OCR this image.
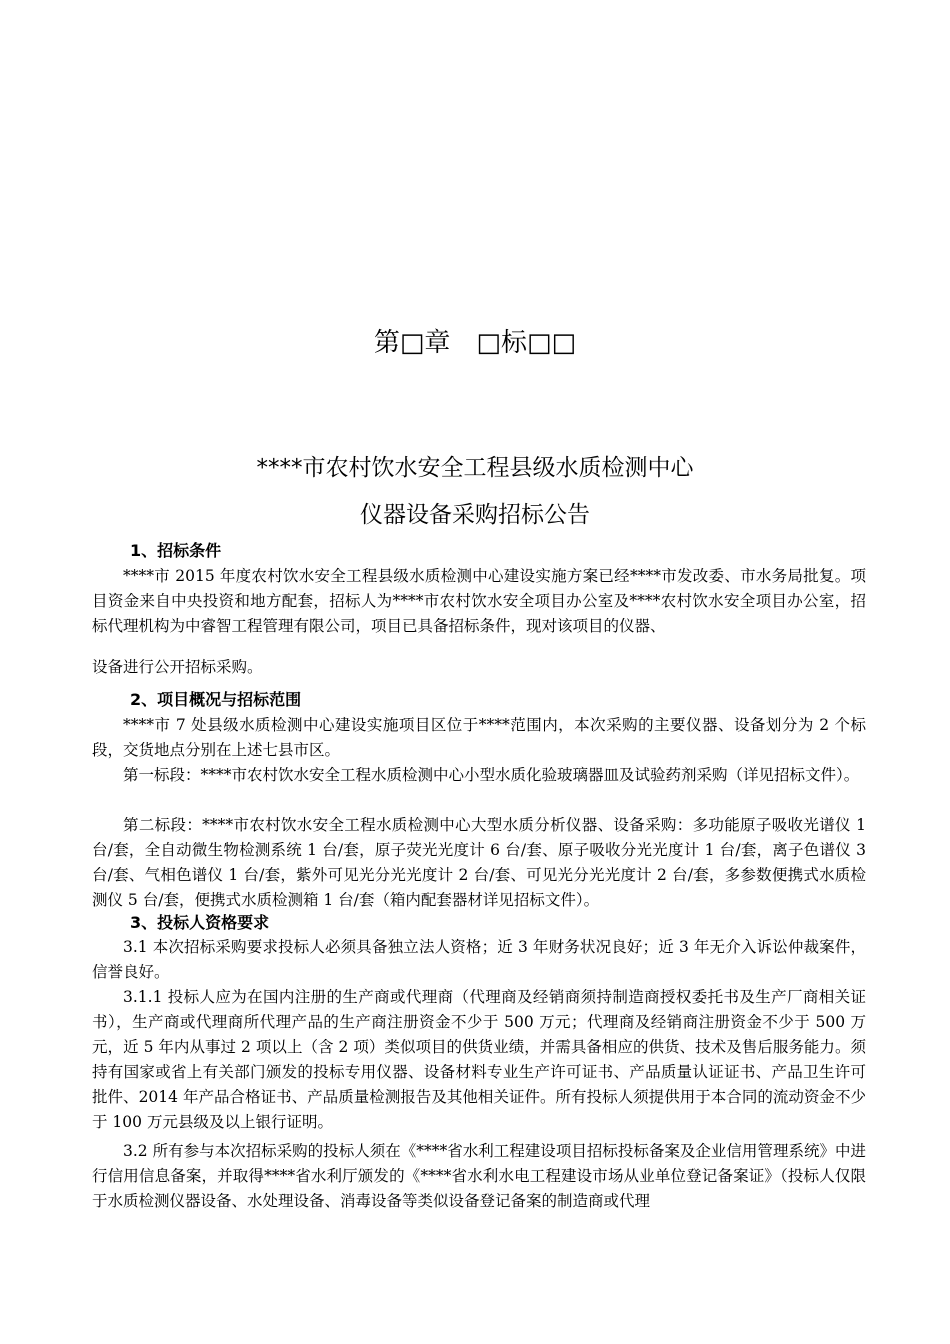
第□章　□标□□
****市农村饮水安全工程县级水质检测中心
仪器设备采购招标公告
1、招标条件
****市 2015 年度农村饮水安全工程县级水质检测中心建设实施方案已经****市发改委、市水务局批复。项目资金来自中央投资和地方配套，招标人为****市农村饮水安全项目办公室及****农村饮水安全项目办公室，招标代理机构为中睿智工程管理有限公司，项目已具备招标条件，现对该项目的仪器、
设备进行公开招标采购。
2、项目概况与招标范围
****市 7 处县级水质检测中心建设实施项目区位于****范围内，本次采购的主要仪器、设备划分为 2 个标段，交货地点分别在上述七县市区。
第一标段：****市农村饮水安全工程水质检测中心小型水质化验玻璃器皿及试验药剂采购（详见招标文件）。
第二标段：****市农村饮水安全工程水质检测中心大型水质分析仪器、设备采购：多功能原子吸收光谱仪 1 台/套，全自动微生物检测系统 1 台/套，原子荧光光度计 6 台/套、原子吸收分光光度计 1 台/套，离子色谱仪 3 台/套、气相色谱仪 1 台/套，紫外可见光分光光度计 2 台/套、可见光分光光度计 2 台/套，多参数便携式水质检测仪 5 台/套，便携式水质检测箱 1 台/套（箱内配套器材详见招标文件）。
3、投标人资格要求
3.1 本次招标采购要求投标人必须具备独立法人资格；近 3 年财务状况良好；近 3 年无介入诉讼仲裁案件，信誉良好。
3.1.1 投标人应为在国内注册的生产商或代理商（代理商及经销商须持制造商授权委托书及生产厂商相关证书），生产商或代理商所代理产品的生产商注册资金不少于 500 万元；代理商及经销商注册资金不少于 500 万元，近 5 年内从事过 2 项以上（含 2 项）类似项目的供货业绩，并需具备相应的供货、技术及售后服务能力。须持有国家或省上有关部门颁发的投标专用仪器、设备材料专业生产许可证书、产品质量认证证书、产品卫生许可批件、2014 年产品合格证书、产品质量检测报告及其他相关证件。所有投标人须提供用于本合同的流动资金不少于 100 万元县级及以上银行证明。
3.2 所有参与本次招标采购的投标人须在《****省水利工程建设项目招标投标备案及企业信用管理系统》中进行信用信息备案，并取得****省水利厅颁发的《****省水利水电工程建设市场从业单位登记备案证》（投标人仅限于水质检测仪器设备、水处理设备、消毒设备等类似设备登记备案的制造商或代理
